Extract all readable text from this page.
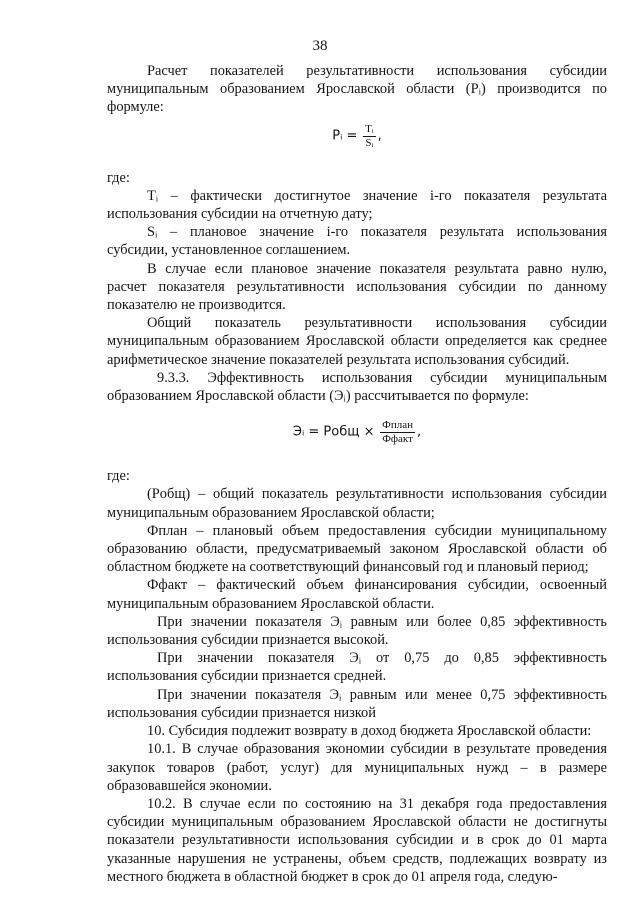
38

Расчет показателей результативности использования субсидии муниципальным образованием Ярославской области (Pᵢ) производится по формуле:

Pᵢ = $\frac{\text{Tᵢ}}{\text{Sᵢ}}$ ,

где:

Tᵢ – фактически достигнутое значение i-го показателя результата использования субсидии на отчетную дату;

Sᵢ – плановое значение i-го показателя результата использования субсидии, установленное соглашением.

В случае если плановое значение показателя результата равно нулю, расчет показателя результативности использования субсидии по данному показателю не производится.

Общий показатель результативности использования субсидии муниципальным образованием Ярославской области определяется как среднее арифметическое значение показателей результата использования субсидий.

9.3.3. Эффективность использования субсидии муниципальным образованием Ярославской области (Эᵢ) рассчитывается по формуле:

Эᵢ = Pобщ × $\frac{\text{Фплан}}{\text{Ффакт}}$ ,

где:

(Pобщ) – общий показатель результативности использования субсидии муниципальным образованием Ярославской области;

Фплан – плановый объем предоставления субсидии муниципальному образованию области, предусматриваемый законом Ярославской области об областном бюджете на соответствующий финансовый год и плановый период;

Ффакт – фактический объем финансирования субсидии, освоенный муниципальным образованием Ярославской области.

При значении показателя Эᵢ равным или более 0,85 эффективность использования субсидии признается высокой.

При значении показателя Эᵢ от 0,75 до 0,85 эффективность использования субсидии признается средней.

При значении показателя Эᵢ равным или менее 0,75 эффективность использования субсидии признается низкой

10. Субсидия подлежит возврату в доход бюджета Ярославской области:

10.1. В случае образования экономии субсидии в результате проведения закупок товаров (работ, услуг) для муниципальных нужд – в размере образовавшейся экономии.

10.2. В случае если по состоянию на 31 декабря года предоставления субсидии муниципальным образованием Ярославской области не достигнуты показатели результативности использования субсидии и в срок до 01 марта указанные нарушения не устранены, объем средств, подлежащих возврату из местного бюджета в областной бюджет в срок до 01 апреля года, следую-
